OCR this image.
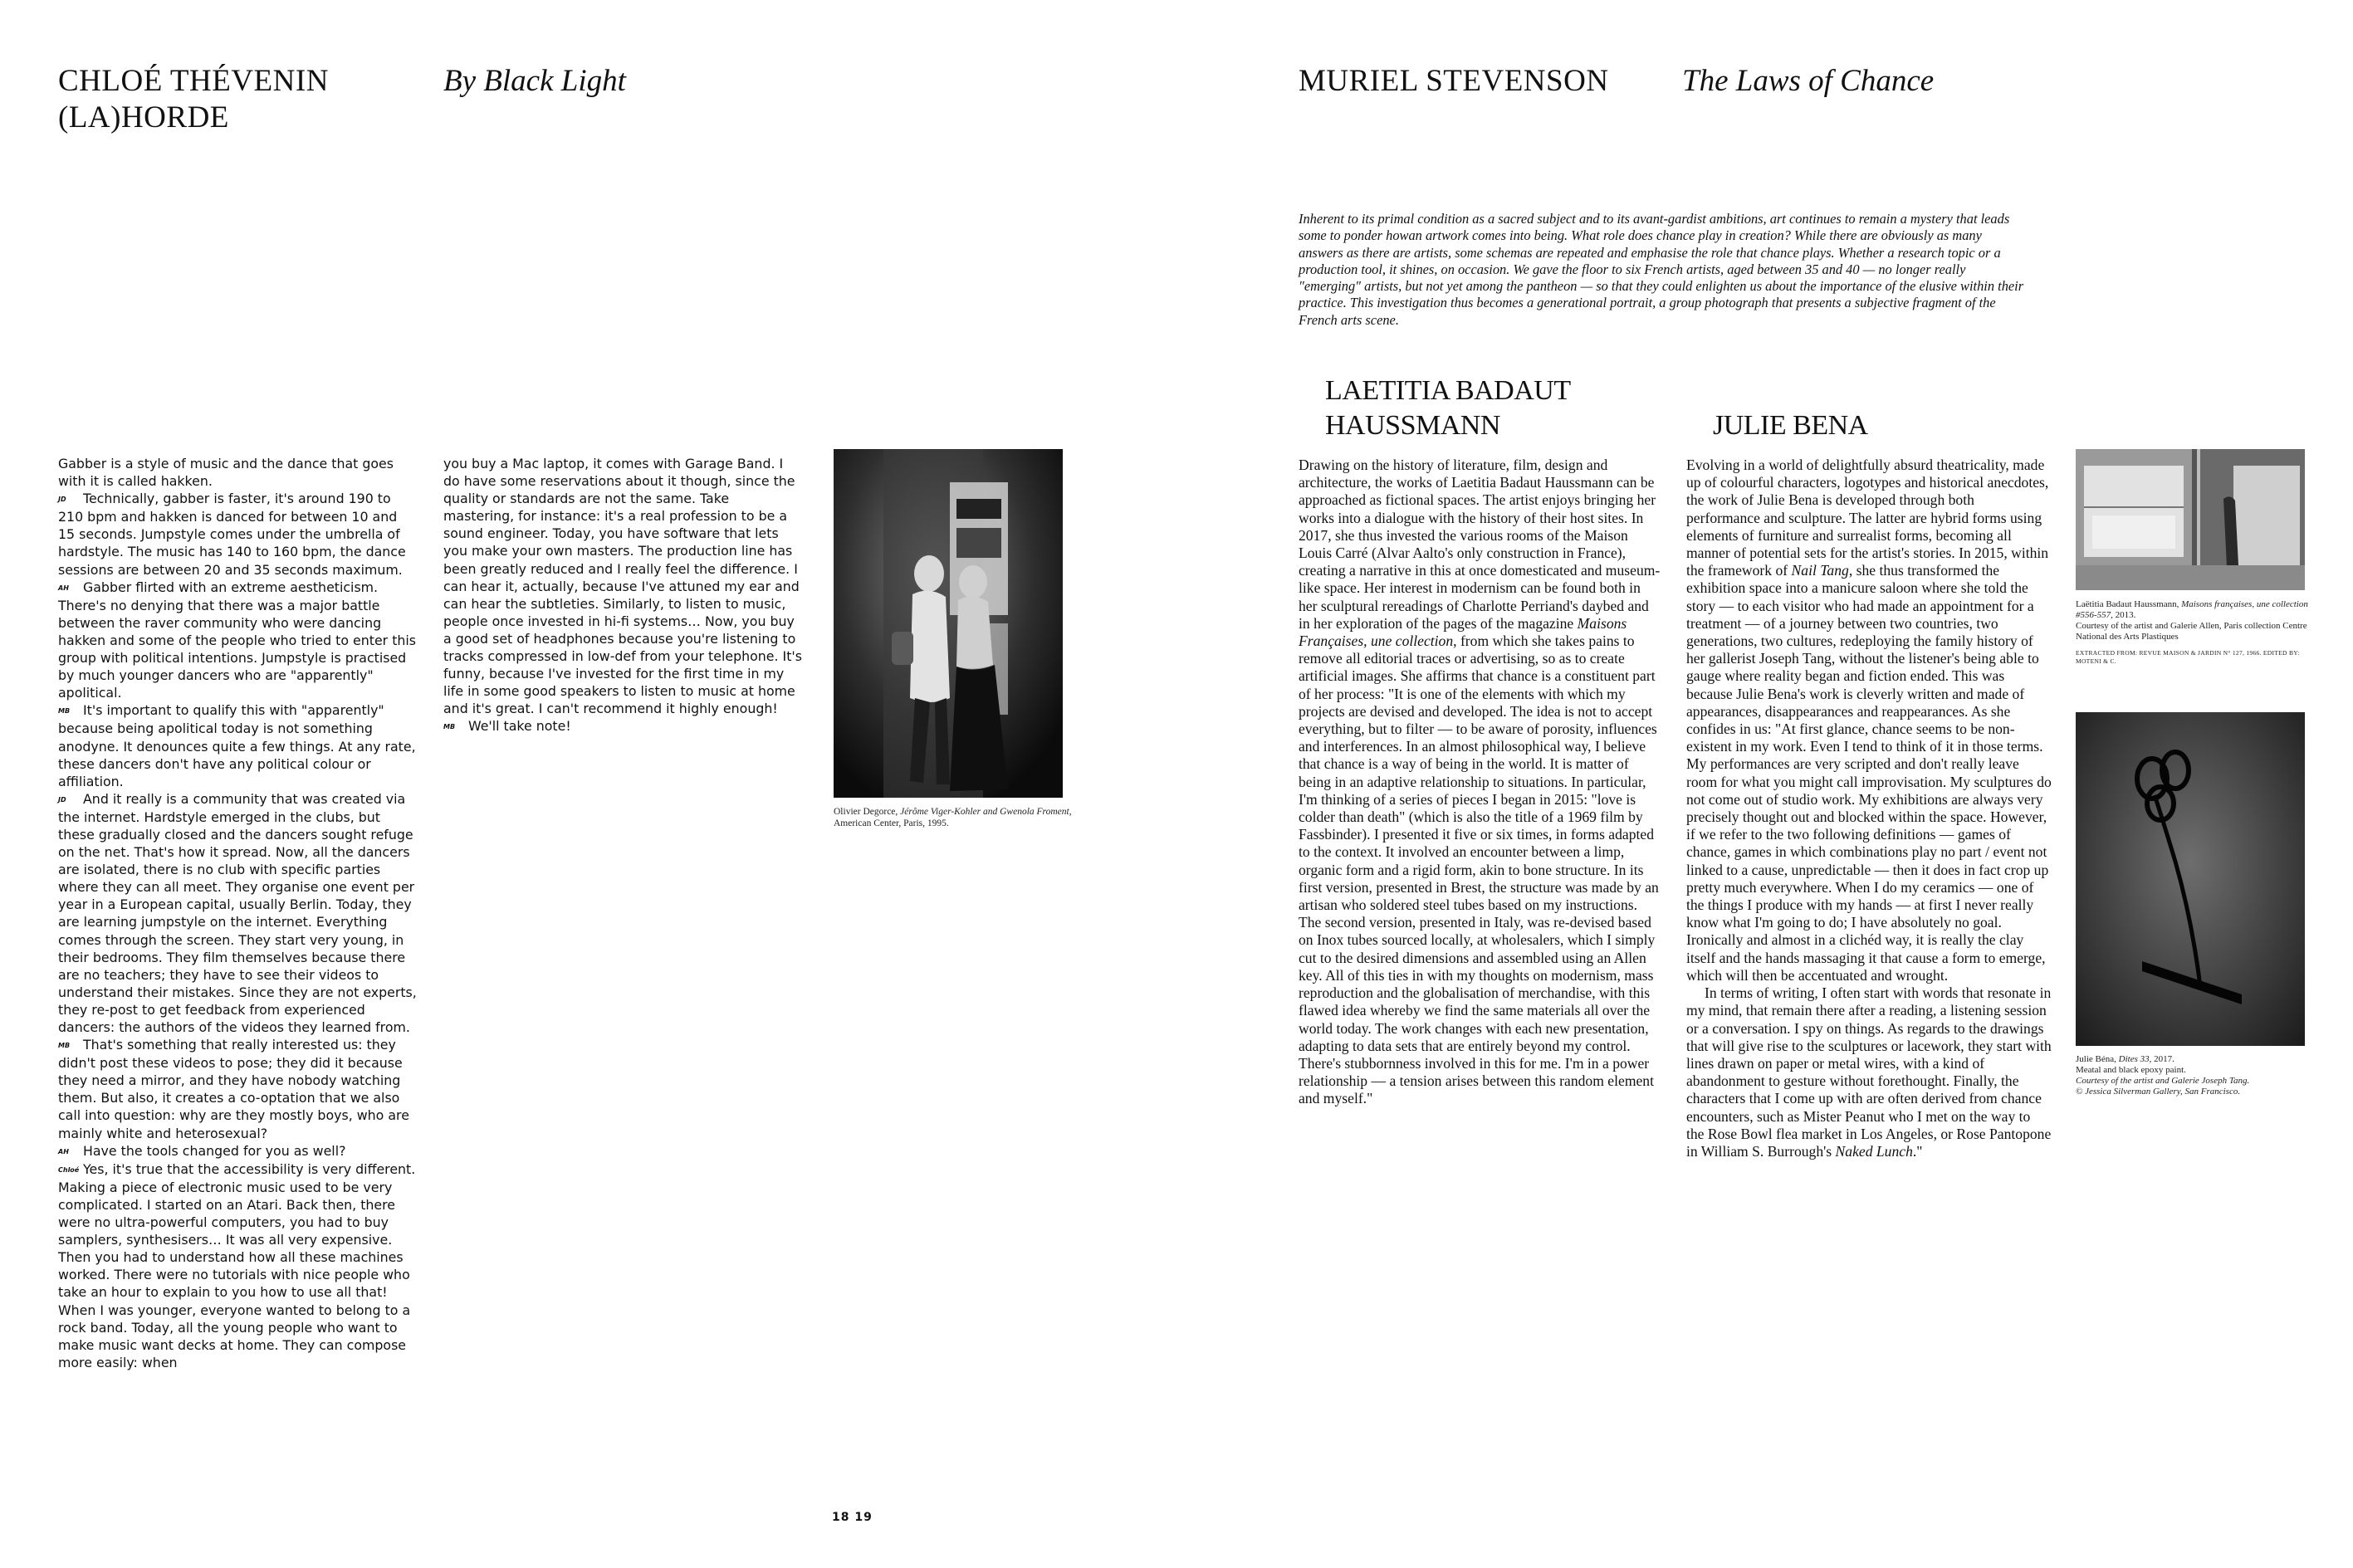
CHLOÉ THÉVENIN
(LA)HORDE
By Black Light	MURIEL STEVENSON The Laws of Chance

Gabber is a style of music and the dance that goes with it is called hakken.

JD Technically, gabber is faster, it's around 190 to 210 bpm and hakken is danced for between 10 and 15 seconds. Jumpstyle comes under the umbrella of hardstyle. The music has 140 to 160 bpm, the dance sessions are between 20 and 35 seconds maximum.

AH Gabber flirted with an extreme aestheticism. There's no denying that there was a major battle between the raver community who were dancing hakken and some of the people who tried to enter this group with political intentions. Jumpstyle is practised by much younger dancers who are "apparently" apolitical.

MB It's important to qualify this with "apparently" because being apolitical today is not something anodyne. It denounces quite a few things. At any rate, these dancers don't have any political colour or affiliation.

JD And it really is a community that was created via the internet. Hardstyle emerged in the clubs, but these gradually closed and the dancers sought refuge on the net. That's how it spread. Now, all the dancers are isolated, there is no club with specific parties where they can all meet. They organise one event per year in a European capital, usually Berlin. Today, they are learning jumpstyle on the internet. Everything comes through the screen. They start very young, in their bedrooms. They film themselves because there are no teachers; they have to see their videos to understand their mistakes. Since they are not experts, they re-post to get feedback from experienced dancers: the authors of the videos they learned from.

MB That's something that really interested us: they didn't post these videos to pose; they did it because they need a mirror, and they have nobody watching them. But also, it creates a co-optation that we also call into question: why are they mostly boys, who are mainly white and heterosexual?

AH Have the tools changed for you as well?

Chloé Yes, it's true that the accessibility is very different. Making a piece of electronic music used to be very complicated. I started on an Atari. Back then, there were no ultra-powerful computers, you had to buy samplers, synthesisers… It was all very expensive. Then you had to understand how all these machines worked. There were no tutorials with nice people who take an hour to explain to you how to use all that! When I was younger, everyone wanted to belong to a rock band. Today, all the young people who want to make music want decks at home. They can compose more easily: when

you buy a Mac laptop, it comes with Garage Band. I do have some reservations about it though, since the quality or standards are not the same. Take mastering, for instance: it's a real profession to be a sound engineer. Today, you have software that lets you make your own masters. The production line has been greatly reduced and I really feel the difference. I can hear it, actually, because I've attuned my ear and can hear the subtleties. Similarly, to listen to music, people once invested in hi-fi systems… Now, you buy a good set of headphones because you're listening to tracks compressed in low-def from your telephone. It's funny, because I've invested for the first time in my life in some good speakers to listen to music at home and it's great. I can't recommend it highly enough!

MB We'll take note!

Olivier Degorce, Jérôme Viger-Kohler and Gwenola Froment, American Center, Paris, 1995.
Inherent to its primal condition as a sacred subject and to its avant-gardist ambitions, art continues to remain a mystery that leads some to ponder howan artwork comes into being. What role does chance play in creation? While there are obviously as many answers as there are artists, some schemas are repeated and emphasise the role that chance plays. Whether a research topic or a production tool, it shines, on occasion. We gave the floor to six French artists, aged between 35 and 40 — no longer really "emerging" artists, but not yet among the pantheon — so that they could enlighten us about the importance of the elusive within their practice. This investigation thus becomes a generational portrait, a group photograph that presents a subjective fragment of the French arts scene.
LAETITIA BADAUT
HAUSSMANN

Drawing on the history of literature, film, design and architecture, the works of Laetitia Badaut Haussmann can be approached as fictional spaces. The artist enjoys bringing her works into a dialogue with the history of their host sites. In 2017, she thus invested the various rooms of the Maison Louis Carré (Alvar Aalto's only construction in France), creating a narrative in this at once domesticated and museum-like space. Her interest in modernism can be found both in her sculptural rereadings of Charlotte Perriand's daybed and in her exploration of the pages of the magazine Maisons Françaises, une collection, from which she takes pains to remove all editorial traces or advertising, so as to create artificial images. She affirms that chance is a constituent part of her process: "It is one of the elements with which my projects are devised and developed. The idea is not to accept everything, but to filter — to be aware of porosity, influences and interferences. In an almost philosophical way, I believe that chance is a way of being in the world. It is matter of being in an adaptive relationship to situations. In particular, I'm thinking of a series of pieces I began in 2015: "love is colder than death" (which is also the title of a 1969 film by Fassbinder). I presented it five or six times, in forms adapted to the context. It involved an encounter between a limp, organic form and a rigid form, akin to bone structure. In its first version, presented in Brest, the structure was made by an artisan who soldered steel tubes based on my instructions. The second version, presented in Italy, was re-devised based on Inox tubes sourced locally, at wholesalers, which I simply cut to the desired dimensions and assembled using an Allen key. All of this ties in with my thoughts on modernism, mass reproduction and the globalisation of merchandise, with this flawed idea whereby we find the same materials all over the world today. The work changes with each new presentation, adapting to data sets that are entirely beyond my control. There's stubbornness involved in this for me. I'm in a power relationship — a tension arises between this random element and myself."

JULIE BENA

Evolving in a world of delightfully absurd theatricality, made up of colourful characters, logotypes and historical anecdotes, the work of Julie Bena is developed through both performance and sculpture. The latter are hybrid forms using elements of furniture and surrealist forms, becoming all manner of potential sets for the artist's stories. In 2015, within the framework of Nail Tang, she thus transformed the exhibition space into a manicure saloon where she told the story — to each visitor who had made an appointment for a treatment — of a journey between two countries, two generations, two cultures, redeploying the family history of her gallerist Joseph Tang, without the listener's being able to gauge where reality began and fiction ended. This was because Julie Bena's work is cleverly written and made of appearances, disappearances and reappearances. As she confides in us: "At first glance, chance seems to be non-existent in my work. Even I tend to think of it in those terms. My performances are very scripted and don't really leave room for what you might call improvisation. My sculptures do not come out of studio work. My exhibitions are always very precisely thought out and blocked within the space. However, if we refer to the two following definitions — games of chance, games in which combinations play no part / event not linked to a cause, unpredictable — then it does in fact crop up pretty much everywhere. When I do my ceramics — one of the things I produce with my hands — at first I never really know what I'm going to do; I have absolutely no goal. Ironically and almost in a clichéd way, it is really the clay itself and the hands massaging it that cause a form to emerge, which will then be accentuated and wrought.

In terms of writing, I often start with words that resonate in my mind, that remain there after a reading, a listening session or a conversation. I spy on things. As regards to the drawings that will give rise to the sculptures or lacework, they start with lines drawn on paper or metal wires, with a kind of abandonment to gesture without forethought. Finally, the characters that I come up with are often derived from chance encounters, such as Mister Peanut who I met on the way to the Rose Bowl flea market in Los Angeles, or Rose Pantopone in William S. Burrough's Naked Lunch."

Laëtitia Badaut Haussmann, Maisons françaises, une collection #556-557, 2013.
Courtesy of the artist and Galerie Allen, Paris collection Centre National des Arts Plastiques
EXTRACTED FROM: REVUE MAISON & JARDIN N° 127, 1966. EDITED BY: MOTENI & C.
Julie Béna, Dites 33, 2017.
Meatal and black epoxy paint.
Courtesy of the artist and Galerie Joseph Tang.
© Jessica Silverman Gallery, San Francisco.
18 19
